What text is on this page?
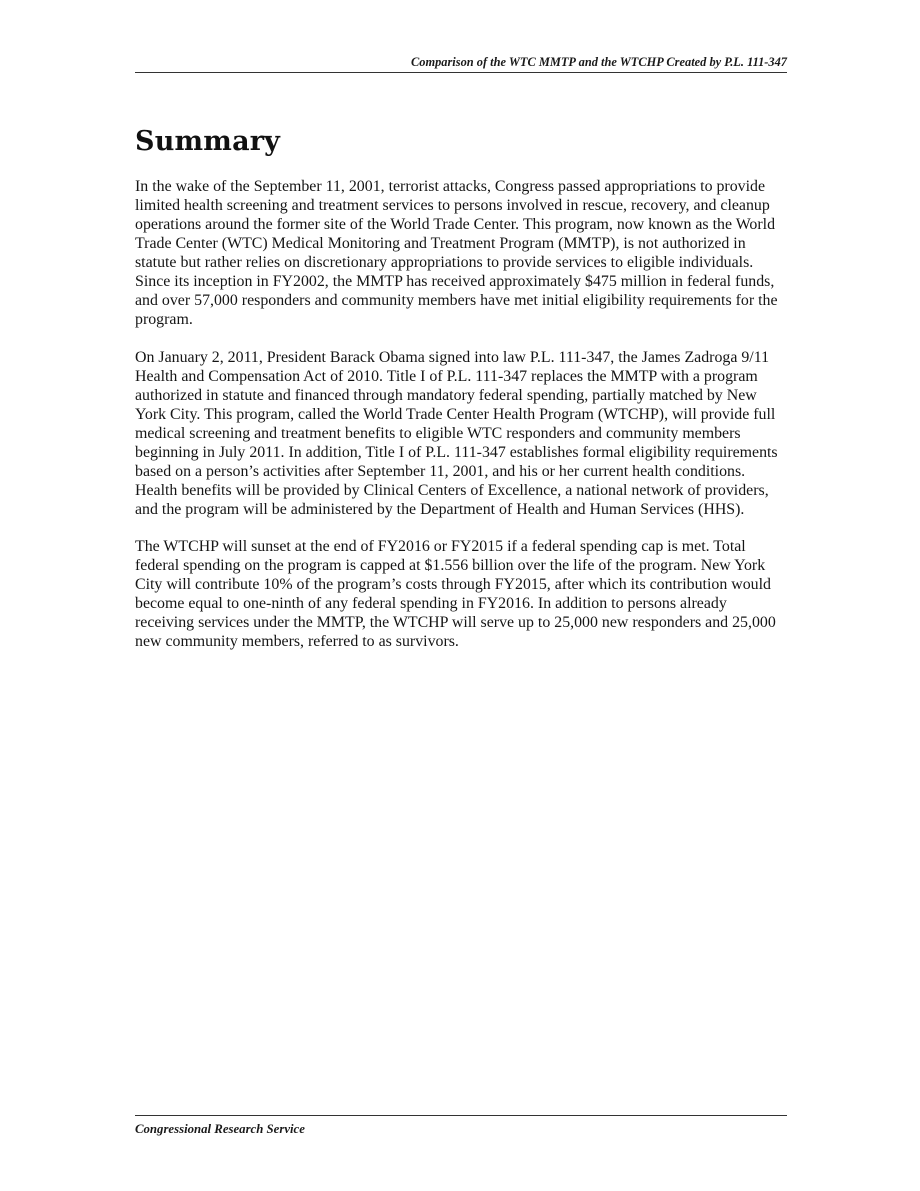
Comparison of the WTC MMTP and the WTCHP Created by P.L. 111-347
Summary

In the wake of the September 11, 2001, terrorist attacks, Congress passed appropriations to provide limited health screening and treatment services to persons involved in rescue, recovery, and cleanup operations around the former site of the World Trade Center. This program, now known as the World Trade Center (WTC) Medical Monitoring and Treatment Program (MMTP), is not authorized in statute but rather relies on discretionary appropriations to provide services to eligible individuals. Since its inception in FY2002, the MMTP has received approximately $475 million in federal funds, and over 57,000 responders and community members have met initial eligibility requirements for the program.

On January 2, 2011, President Barack Obama signed into law P.L. 111-347, the James Zadroga 9/11 Health and Compensation Act of 2010. Title I of P.L. 111-347 replaces the MMTP with a program authorized in statute and financed through mandatory federal spending, partially matched by New York City. This program, called the World Trade Center Health Program (WTCHP), will provide full medical screening and treatment benefits to eligible WTC responders and community members beginning in July 2011. In addition, Title I of P.L. 111-347 establishes formal eligibility requirements based on a person’s activities after September 11, 2001, and his or her current health conditions. Health benefits will be provided by Clinical Centers of Excellence, a national network of providers, and the program will be administered by the Department of Health and Human Services (HHS).

The WTCHP will sunset at the end of FY2016 or FY2015 if a federal spending cap is met. Total federal spending on the program is capped at $1.556 billion over the life of the program. New York City will contribute 10% of the program’s costs through FY2015, after which its contribution would become equal to one-ninth of any federal spending in FY2016. In addition to persons already receiving services under the MMTP, the WTCHP will serve up to 25,000 new responders and 25,000 new community members, referred to as survivors.

Congressional Research Service
